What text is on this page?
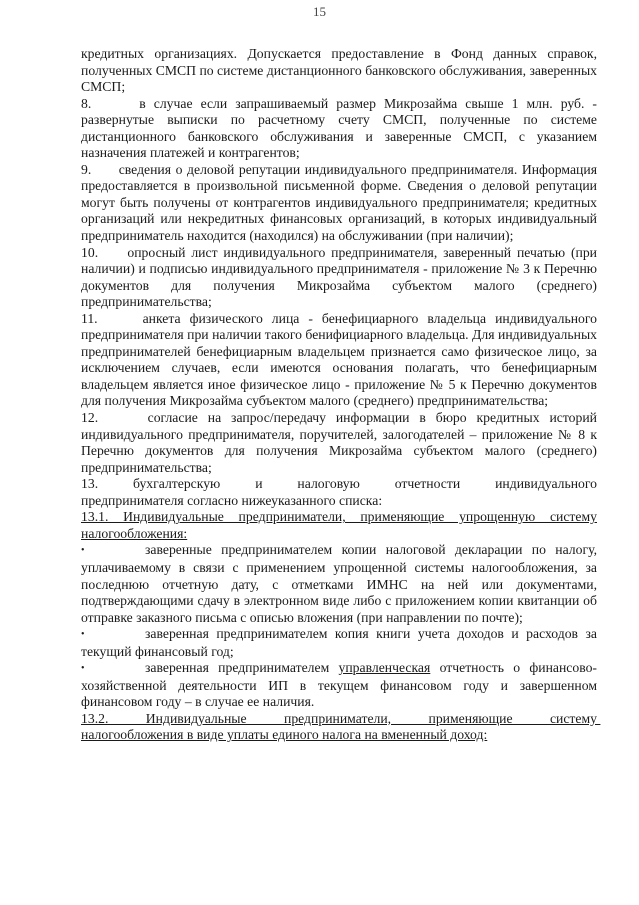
15

кредитных организациях. Допускается предоставление в Фонд данных справок, полученных СМСП по системе дистанционного банковского обслуживания, заверенных СМСП;

8.      в случае если запрашиваемый размер Микрозайма свыше 1 млн. руб. - развернутые выписки по расчетному счету СМСП, полученные по системе дистанционного банковского обслуживания и заверенные СМСП, с указанием назначения платежей и контрагентов;

9.      сведения о деловой репутации индивидуального предпринимателя. Информация предоставляется в произвольной письменной форме. Сведения о деловой репутации могут быть получены от контрагентов индивидуального предпринимателя; кредитных организаций или некредитных финансовых организаций, в которых индивидуальный предприниматель находится (находился) на обслуживании (при наличии);

10.     опросный лист индивидуального предпринимателя, заверенный печатью (при наличии) и подписью индивидуального предпринимателя - приложение № 3 к Перечню документов для получения Микрозайма субъектом малого (среднего) предпринимательства;

11.     анкета физического лица - бенефициарного владельца индивидуального предпринимателя при наличии такого бенифициарного владельца. Для индивидуальных предпринимателей бенефициарным владельцем признается само физическое лицо, за исключением случаев, если имеются основания полагать, что бенефициарным владельцем является иное физическое лицо - приложение № 5 к Перечню документов для получения Микрозайма субъектом малого (среднего) предпринимательства;

12.     согласие на запрос/передачу информации в бюро кредитных историй индивидуального предпринимателя, поручителей, залогодателей – приложение № 8 к Перечню документов для получения Микрозайма субъектом малого (среднего) предпринимательства;

13.     бухгалтерскую     и     налоговую     отчетности     индивидуального предпринимателя согласно нижеуказанного списка:

13.1. Индивидуальные предприниматели, применяющие упрощенную систему налогообложения:

•	заверенные предпринимателем копии налоговой декларации по налогу, уплачиваемому в связи с применением упрощенной системы налогообложения, за последнюю отчетную дату, с отметками ИМНС на ней или документами, подтверждающими сдачу в электронном виде либо с приложением копии квитанции об отправке заказного письма с описью вложения (при направлении по почте);

•	заверенная предпринимателем копия книги учета доходов и расходов за текущий финансовый год;

•	заверенная предпринимателем управленческая отчетность о финансово-хозяйственной деятельности ИП в текущем финансовом году и завершенном финансовом году – в случае ее наличия.

13.2.    Индивидуальные    предприниматели,    применяющие    систему налогообложения в виде уплаты единого налога на вмененный доход:
